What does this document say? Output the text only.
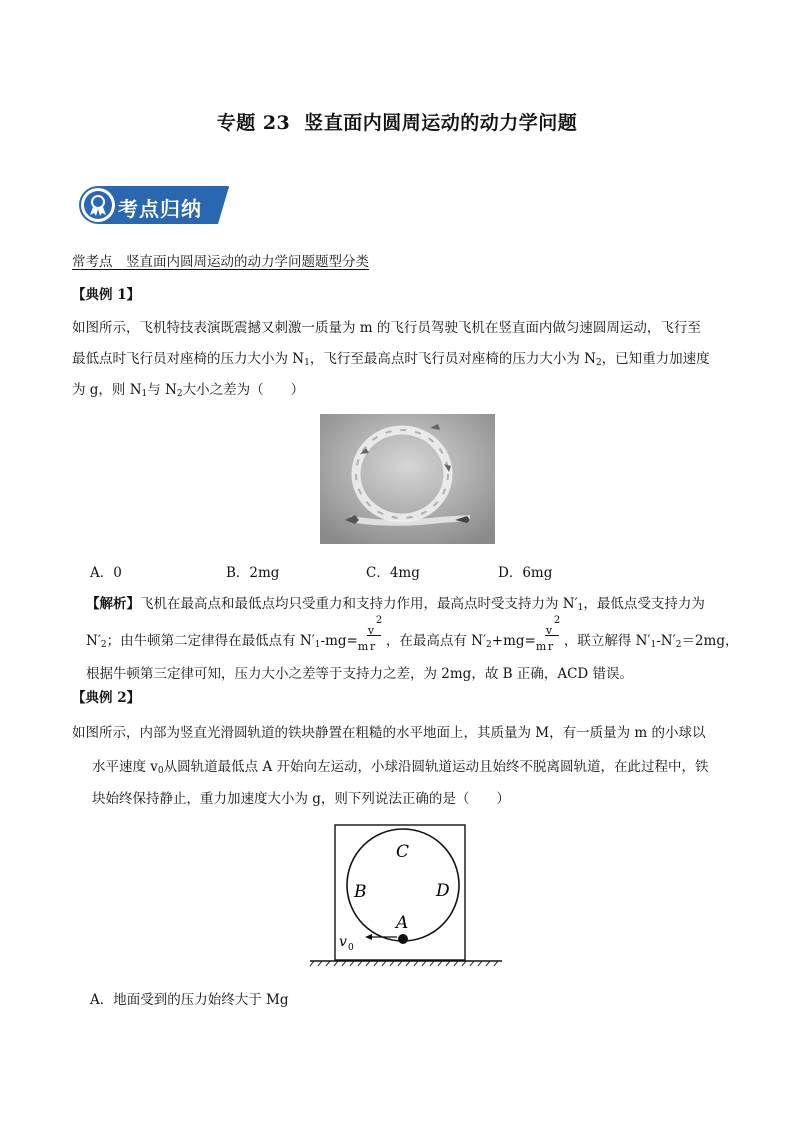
专题 23 竖直面内圆周运动的动力学问题
考点归纳
常考点　竖直面内圆周运动的动力学问题题型分类
【典例 1】
如图所示，飞机特技表演既震撼又刺激一质量为 m 的飞行员驾驶飞机在竖直面内做匀速圆周运动，飞行至
最低点时飞行员对座椅的压力大小为 $N_1$，飞行至最高点时飞行员对座椅的压力大小为 $N_2$，已知重力加速度
为 g，则 $N_1$与 $N_2$大小之差为（　　）
A．0	B．2mg	C．4mg	D．6mg
【解析】飞机在最高点和最低点均只受重力和支持力作用，最高点时受支持力为 $N'_1$，最低点受支持力为
$N'_2$；由牛顿第二定律得在最低点有 $N'_1-mg= m$
v
2
r ，在最高点有 $N'_2+mg= m$
v
2
r ，联立解得 $N'_1-N'_2=2mg$，
根据牛顿第三定律可知，压力大小之差等于支持力之差，为 2mg，故 B 正确，ACD 错误。
【典例 2】
如图所示，内部为竖直光滑圆轨道的铁块静置在粗糙的水平地面上，其质量为 M，有一质量为 m 的小球以
水平速度 $v_0$从圆轨道最低点 A 开始向左运动，小球沿圆轨道运动且始终不脱离圆轨道，在此过程中，铁
块始终保持静止，重力加速度大小为 g，则下列说法正确的是（　　）
A
B
C
D
v 0
A．地面受到的压力始终大于 Mg
